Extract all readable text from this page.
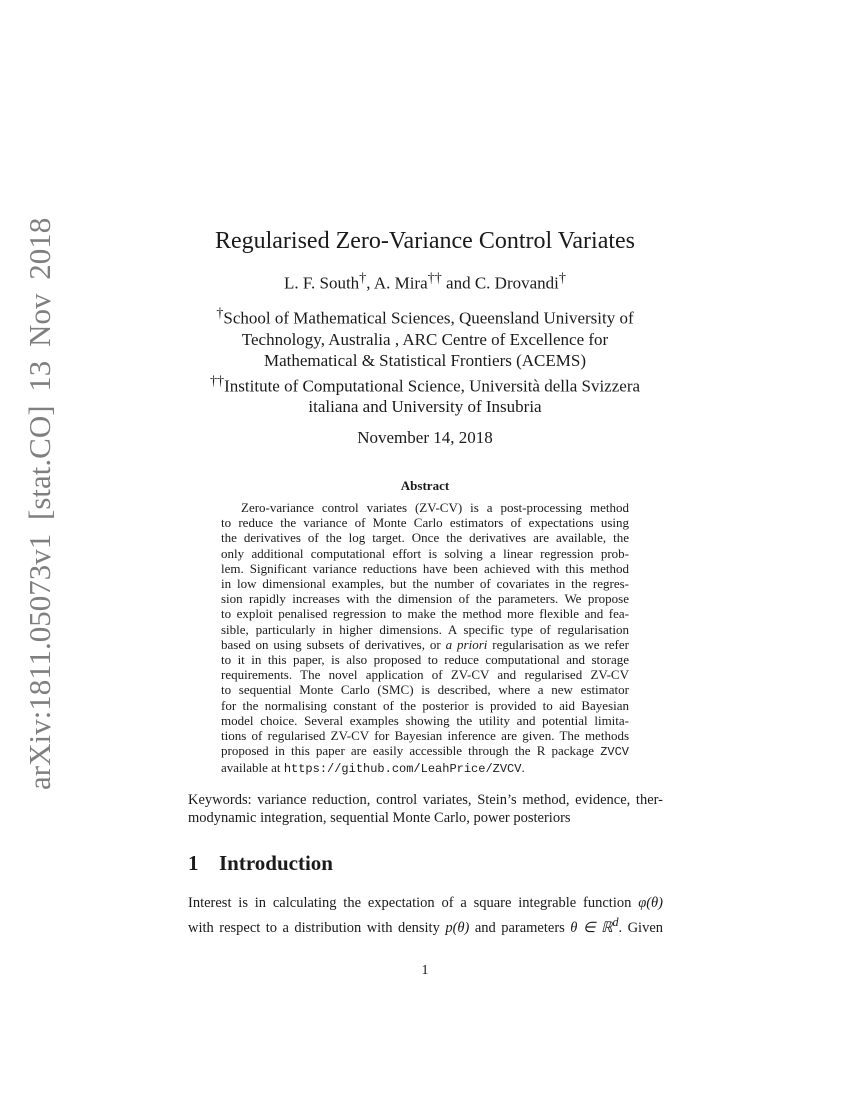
arXiv:1811.05073v1 [stat.CO] 13 Nov 2018	Regularised Zero-Variance Control Variates
L. F. South†, A. Mira†† and C. Drovandi†
†School of Mathematical Sciences, Queensland University of
Technology, Australia , ARC Centre of Excellence for
Mathematical & Statistical Frontiers (ACEMS)
††Institute of Computational Science, Università della Svizzera
italiana and University of Insubria
November 14, 2018
Abstract
Zero-variance control variates (ZV-CV) is a post-processing method
to reduce the variance of Monte Carlo estimators of expectations using
the derivatives of the log target. Once the derivatives are available, the
only additional computational effort is solving a linear regression prob-
lem. Significant variance reductions have been achieved with this method
in low dimensional examples, but the number of covariates in the regres-
sion rapidly increases with the dimension of the parameters. We propose
to exploit penalised regression to make the method more flexible and fea-
sible, particularly in higher dimensions. A specific type of regularisation
based on using subsets of derivatives, or a priori regularisation as we refer
to it in this paper, is also proposed to reduce computational and storage
requirements. The novel application of ZV-CV and regularised ZV-CV
to sequential Monte Carlo (SMC) is described, where a new estimator
for the normalising constant of the posterior is provided to aid Bayesian
model choice. Several examples showing the utility and potential limita-
tions of regularised ZV-CV for Bayesian inference are given. The methods
proposed in this paper are easily accessible through the R package ZVCV
available at https://github.com/LeahPrice/ZVCV.
Keywords: variance reduction, control variates, Stein’s method, evidence, ther-
modynamic integration, sequential Monte Carlo, power posteriors
1 Introduction
Interest is in calculating the expectation of a square integrable function φ(θ)
with respect to a distribution with density p(θ) and parameters θ ∈ ℝ$^d$. Given
1
